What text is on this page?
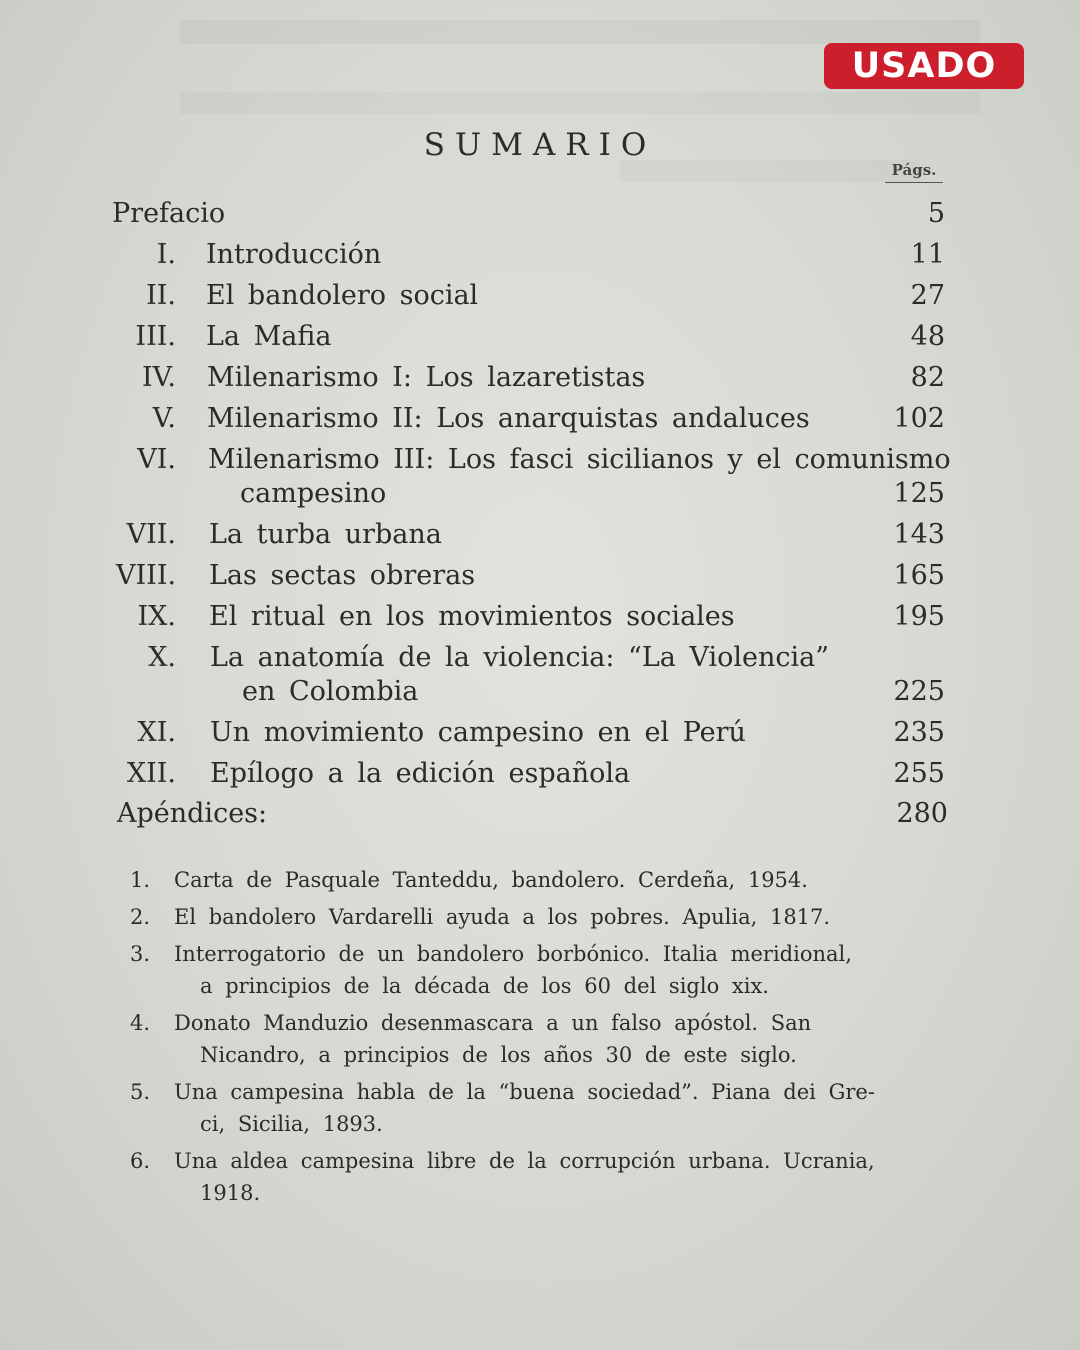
USADO
SUMARIO
Págs.
Prefacio	5
I. Introducción	11
II. El bandolero social	27
III. La Mafia	48
IV. Milenarismo I: Los lazaretistas	82
V. Milenarismo II: Los anarquistas andaluces	102
VI. Milenarismo III: Los fasci sicilianos y el comunismo
campesino	125
VII. La turba urbana	143
VIII. Las sectas obreras	165
IX. El ritual en los movimientos sociales	195
X. La anatomía de la violencia: “La Violencia”
en Colombia	225
XI. Un movimiento campesino en el Perú	235
XII. Epílogo a la edición española	255
Apéndices:	280
1. Carta de Pasquale Tanteddu, bandolero. Cerdeña, 1954.
2. El bandolero Vardarelli ayuda a los pobres. Apulia, 1817.
3. Interrogatorio de un bandolero borbónico. Italia meridional,
a principios de la década de los 60 del siglo xix.
4. Donato Manduzio desenmascara a un falso apóstol. San
Nicandro, a principios de los años 30 de este siglo.
5. Una campesina habla de la “buena sociedad”. Piana dei Gre-
ci, Sicilia, 1893.
6. Una aldea campesina libre de la corrupción urbana. Ucrania,
1918.
